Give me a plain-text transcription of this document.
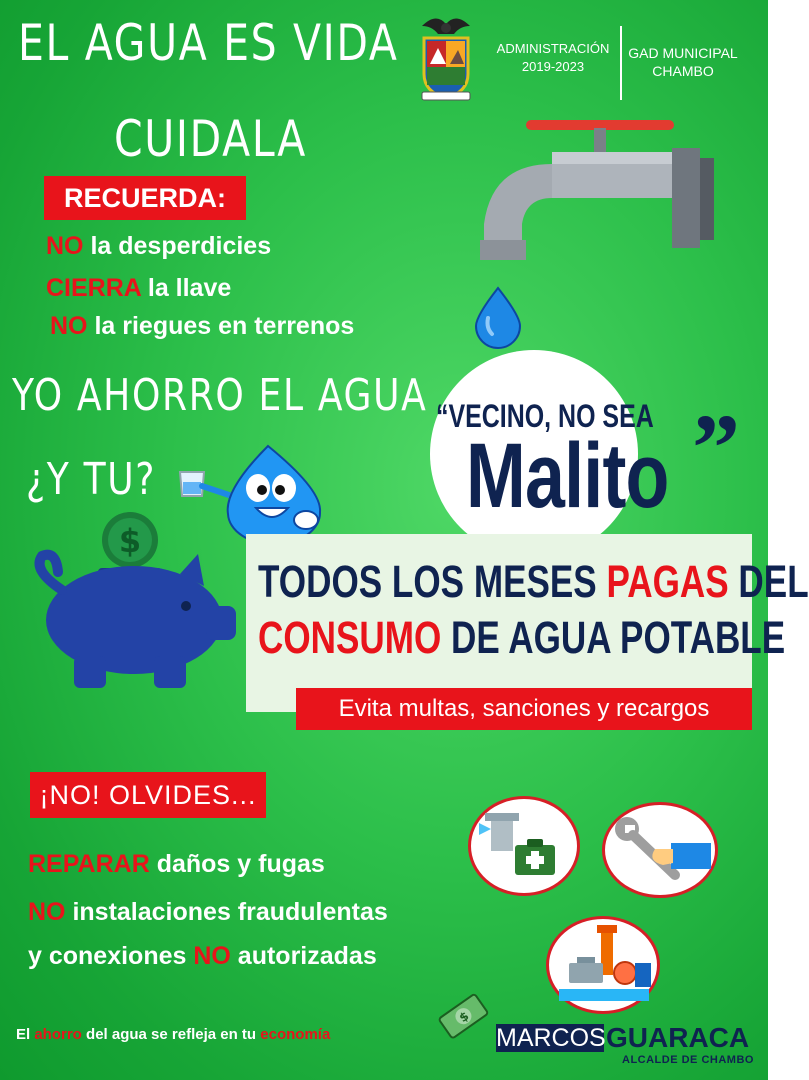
EL AGUA ES VIDA
CUIDALA
ADMINISTRACIÓN
2019-2023
GAD MUNICIPAL
CHAMBO
RECUERDA:
NO la desperdicies
CIERRA la llave
NO la riegues en terrenos
YO AHORRO EL AGUA
¿Y TU?
“VECINO, NO SEA
Malito ”
$
TODOS LOS MESES PAGAS DEL
CONSUMO DE AGUA POTABLE
Evita multas, sanciones y recargos
¡NO! OLVIDES...
REPARAR daños y fugas
NO instalaciones fraudulentas
y conexiones NO autorizadas
El ahorro del agua se refleja en tu economía
$
MARCOS GUARACA
ALCALDE DE CHAMBO
